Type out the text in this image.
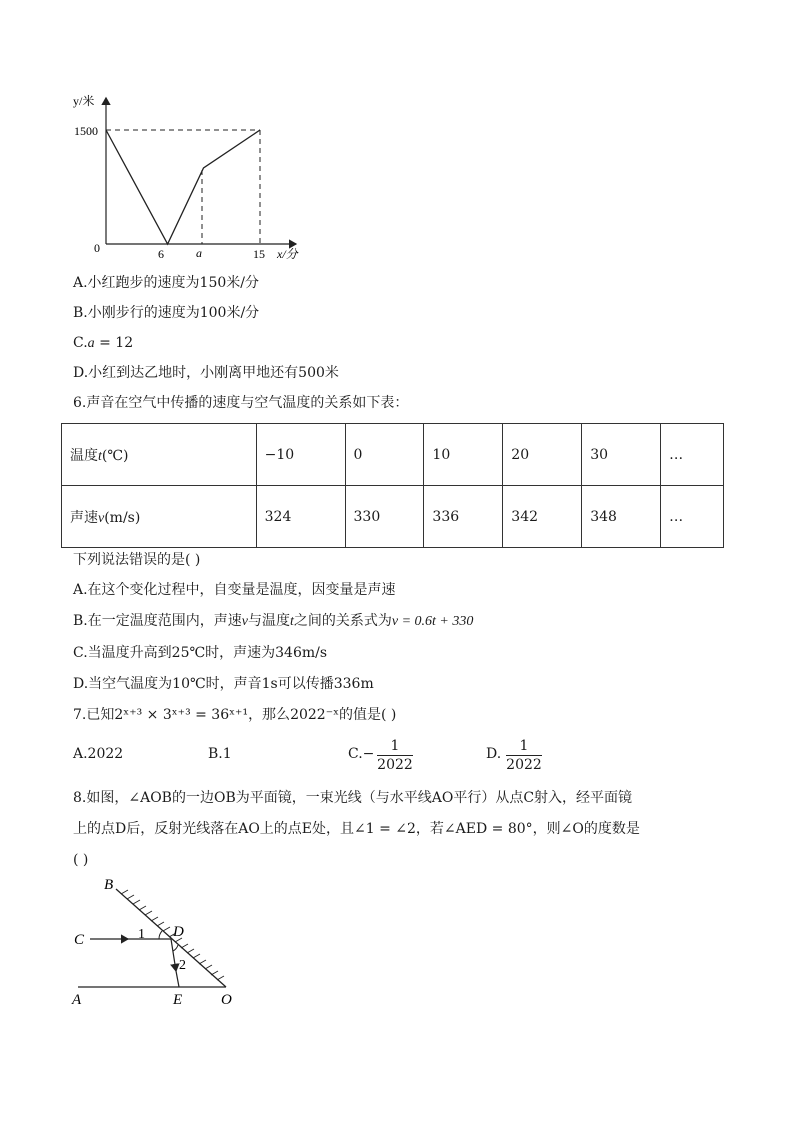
y/米
1500
0	6	a	15 x/分
A.小红跑步的速度为150米/分
B.小刚步行的速度为100米/分
C.a = 12
D.小红到达乙地时，小刚离甲地还有500米
6.声音在空气中传播的速度与空气温度的关系如下表：
温度t(℃)	−10	0	10	20	30	…
声速v(m/s)	324	330	336	342	348	…
下列说法错误的是( )
A.在这个变化过程中，自变量是温度，因变量是声速
B.在一定温度范围内，声速v与温度t之间的关系式为v = 0.6t + 330
C.当温度升高到25℃时，声速为346m/s
D.当空气温度为10℃时，声音1s可以传播336m
7.已知2ˣ⁺³ × 3ˣ⁺³ = 36ˣ⁺¹，那么2022⁻ˣ的值是( )
A.2022	B.1	C.−	1
2022
D.	1
2022
8.如图，∠AOB的一边OB为平面镜，一束光线（与水平线AO平行）从点C射入，经平面镜
上的点D后，反射光线落在AO上的点E处，且∠1 = ∠2，若∠AED = 80°，则∠O的度数是
( )
B
C	D
1
2
A	E	O
